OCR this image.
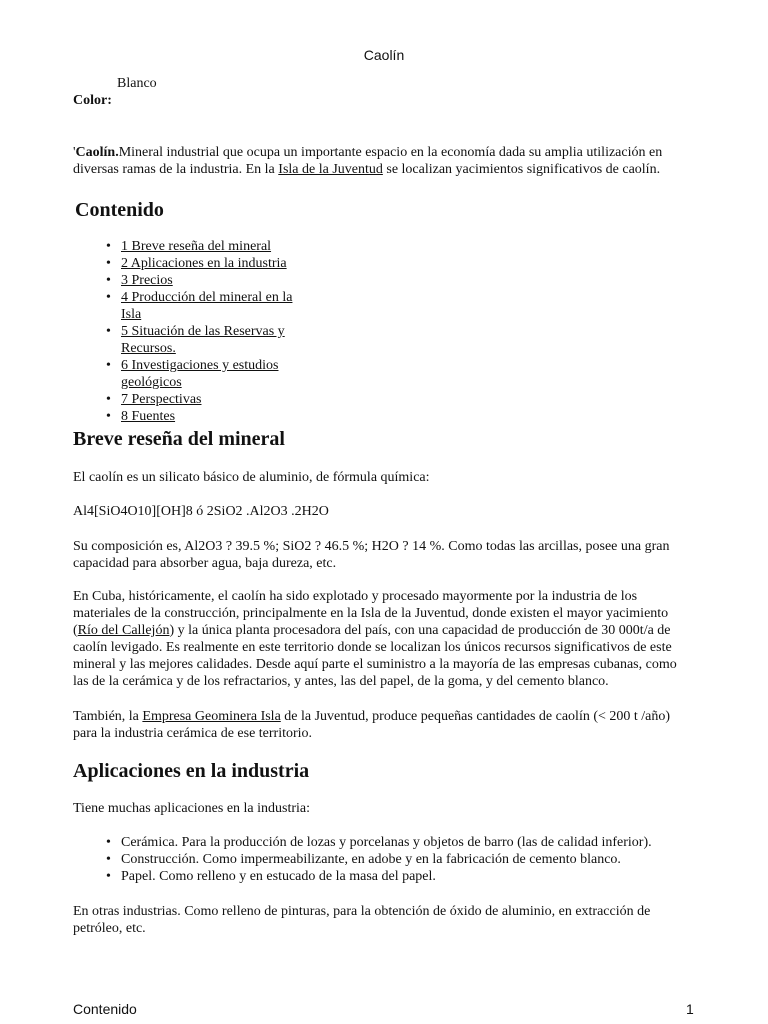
Caolín
Blanco
Color:

'Caolín.Mineral industrial que ocupa un importante espacio en la economía dada su amplia utilización en diversas ramas de la industria. En la Isla de la Juventud se localizan yacimientos significativos de caolín.

Contenido
• 1 Breve reseña del mineral
• 2 Aplicaciones en la industria
• 3 Precios
• 4 Producción del mineral en la Isla
• 5 Situación de las Reservas y Recursos.
• 6 Investigaciones y estudios geológicos
• 7 Perspectivas
• 8 Fuentes
Breve reseña del mineral

El caolín es un silicato básico de aluminio, de fórmula química:

Al4[SiO4O10][OH]8 ó 2SiO2 .Al2O3 .2H2O

Su composición es, Al2O3 ? 39.5 %; SiO2 ? 46.5 %; H2O ? 14 %. Como todas las arcillas, posee una gran capacidad para absorber agua, baja dureza, etc.

En Cuba, históricamente, el caolín ha sido explotado y procesado mayormente por la industria de los materiales de la construcción, principalmente en la Isla de la Juventud, donde existen el mayor yacimiento (Río del Callejón) y la única planta procesadora del país, con una capacidad de producción de 30 000t/a de caolín levigado. Es realmente en este territorio donde se localizan los únicos recursos significativos de este mineral y las mejores calidades. Desde aquí parte el suministro a la mayoría de las empresas cubanas, como las de la cerámica y de los refractarios, y antes, las del papel, de la goma, y del cemento blanco.

También, la Empresa Geominera Isla de la Juventud, produce pequeñas cantidades de caolín (< 200 t /año) para la industria cerámica de ese territorio.

Aplicaciones en la industria

Tiene muchas aplicaciones en la industria:

• Cerámica. Para la producción de lozas y porcelanas y objetos de barro (las de calidad inferior).
• Construcción. Como impermeabilizante, en adobe y en la fabricación de cemento blanco.
• Papel. Como relleno y en estucado de la masa del papel.

En otras industrias. Como relleno de pinturas, para la obtención de óxido de aluminio, en extracción de petróleo, etc.

Contenido	1
